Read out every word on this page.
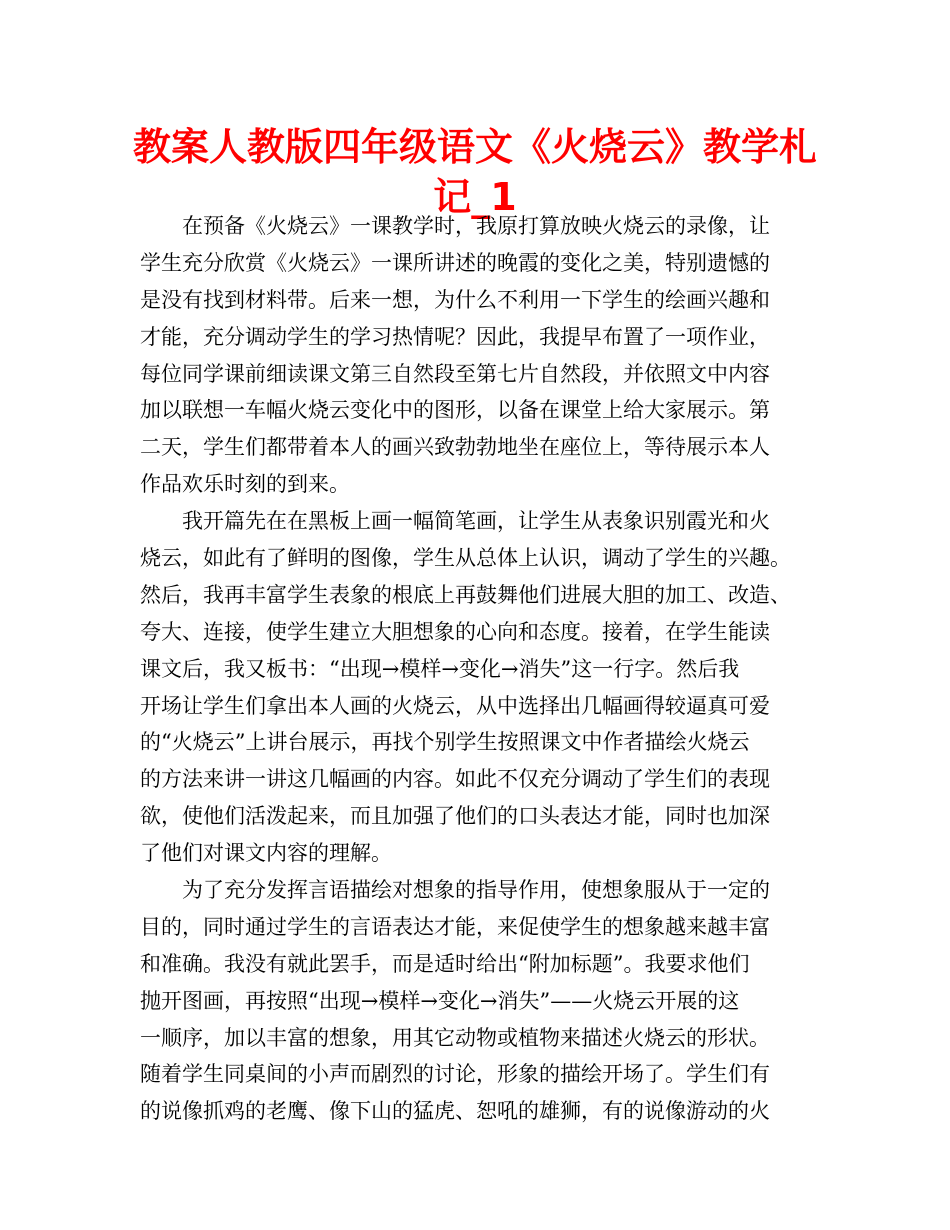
教案人教版四年级语文《火烧云》教学札
记_1
在预备《火烧云》一课教学时，我原打算放映火烧云的录像，让
学生充分欣赏《火烧云》一课所讲述的晚霞的变化之美，特别遗憾的
是没有找到材料带。后来一想，为什么不利用一下学生的绘画兴趣和
才能，充分调动学生的学习热情呢？因此，我提早布置了一项作业，
每位同学课前细读课文第三自然段至第七片自然段，并依照文中内容
加以联想一车幅火烧云变化中的图形，以备在课堂上给大家展示。第
二天，学生们都带着本人的画兴致勃勃地坐在座位上，等待展示本人
作品欢乐时刻的到来。
我开篇先在在黑板上画一幅简笔画，让学生从表象识别霞光和火
烧云，如此有了鲜明的图像，学生从总体上认识，调动了学生的兴趣。
然后，我再丰富学生表象的根底上再鼓舞他们进展大胆的加工、改造、
夸大、连接，使学生建立大胆想象的心向和态度。接着，在学生能读
课文后，我又板书：“出现→模样→变化→消失”这一行字。然后我
开场让学生们拿出本人画的火烧云，从中选择出几幅画得较逼真可爱
的“火烧云”上讲台展示，再找个别学生按照课文中作者描绘火烧云
的方法来讲一讲这几幅画的内容。如此不仅充分调动了学生们的表现
欲，使他们活泼起来，而且加强了他们的口头表达才能，同时也加深
了他们对课文内容的理解。
为了充分发挥言语描绘对想象的指导作用，使想象服从于一定的
目的，同时通过学生的言语表达才能，来促使学生的想象越来越丰富
和准确。我没有就此罢手，而是适时给出“附加标题”。我要求他们
抛开图画，再按照“出现→模样→变化→消失”——火烧云开展的这
一顺序，加以丰富的想象，用其它动物或植物来描述火烧云的形状。
随着学生同桌间的小声而剧烈的讨论，形象的描绘开场了。学生们有
的说像抓鸡的老鹰、像下山的猛虎、恕吼的雄狮，有的说像游动的火
